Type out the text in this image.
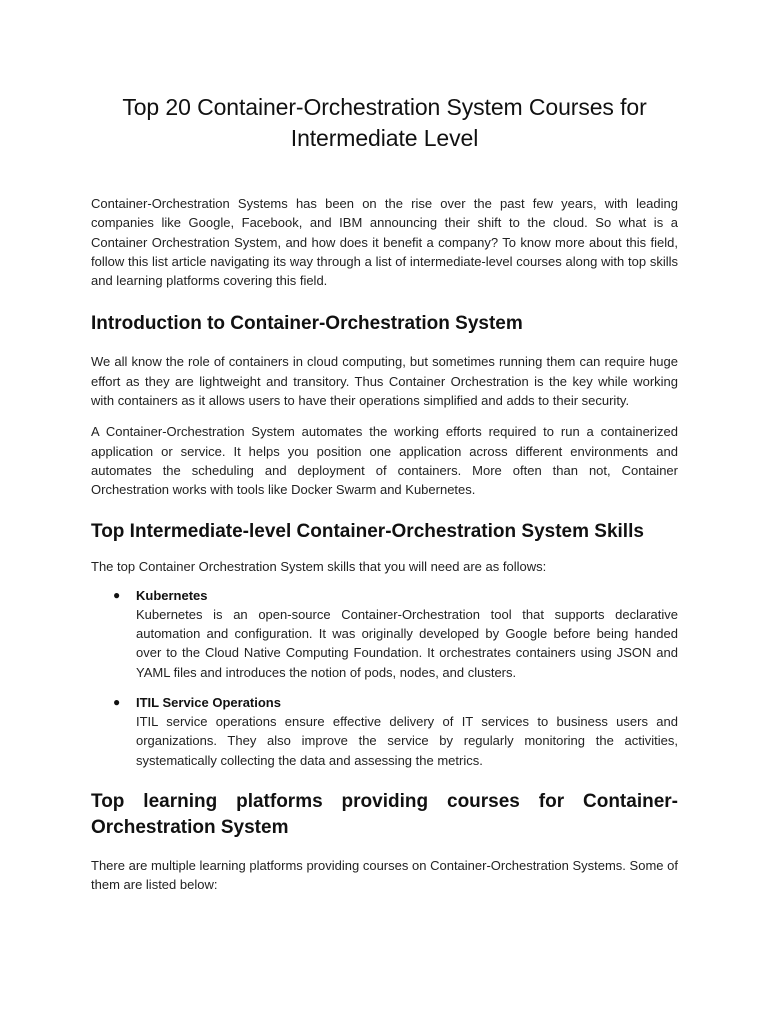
Top 20 Container-Orchestration System Courses for Intermediate Level

Container-Orchestration Systems has been on the rise over the past few years, with leading companies like Google, Facebook, and IBM announcing their shift to the cloud. So what is a Container Orchestration System, and how does it benefit a company? To know more about this field, follow this list article navigating its way through a list of intermediate-level courses along with top skills and learning platforms covering this field.

Introduction to Container-Orchestration System

We all know the role of containers in cloud computing, but sometimes running them can require huge effort as they are lightweight and transitory. Thus Container Orchestration is the key while working with containers as it allows users to have their operations simplified and adds to their security.

A Container-Orchestration System automates the working efforts required to run a containerized application or service. It helps you position one application across different environments and automates the scheduling and deployment of containers. More often than not, Container Orchestration works with tools like Docker Swarm and Kubernetes.

Top Intermediate-level Container-Orchestration System Skills

The top Container Orchestration System skills that you will need are as follows:

● Kubernetes

Kubernetes is an open-source Container-Orchestration tool that supports declarative automation and configuration. It was originally developed by Google before being handed over to the Cloud Native Computing Foundation. It orchestrates containers using JSON and YAML files and introduces the notion of pods, nodes, and clusters.

● ITIL Service Operations

ITIL service operations ensure effective delivery of IT services to business users and organizations. They also improve the service by regularly monitoring the activities, systematically collecting the data and assessing the metrics.

Top learning platforms providing courses for Container-Orchestration System

There are multiple learning platforms providing courses on Container-Orchestration Systems. Some of them are listed below:
